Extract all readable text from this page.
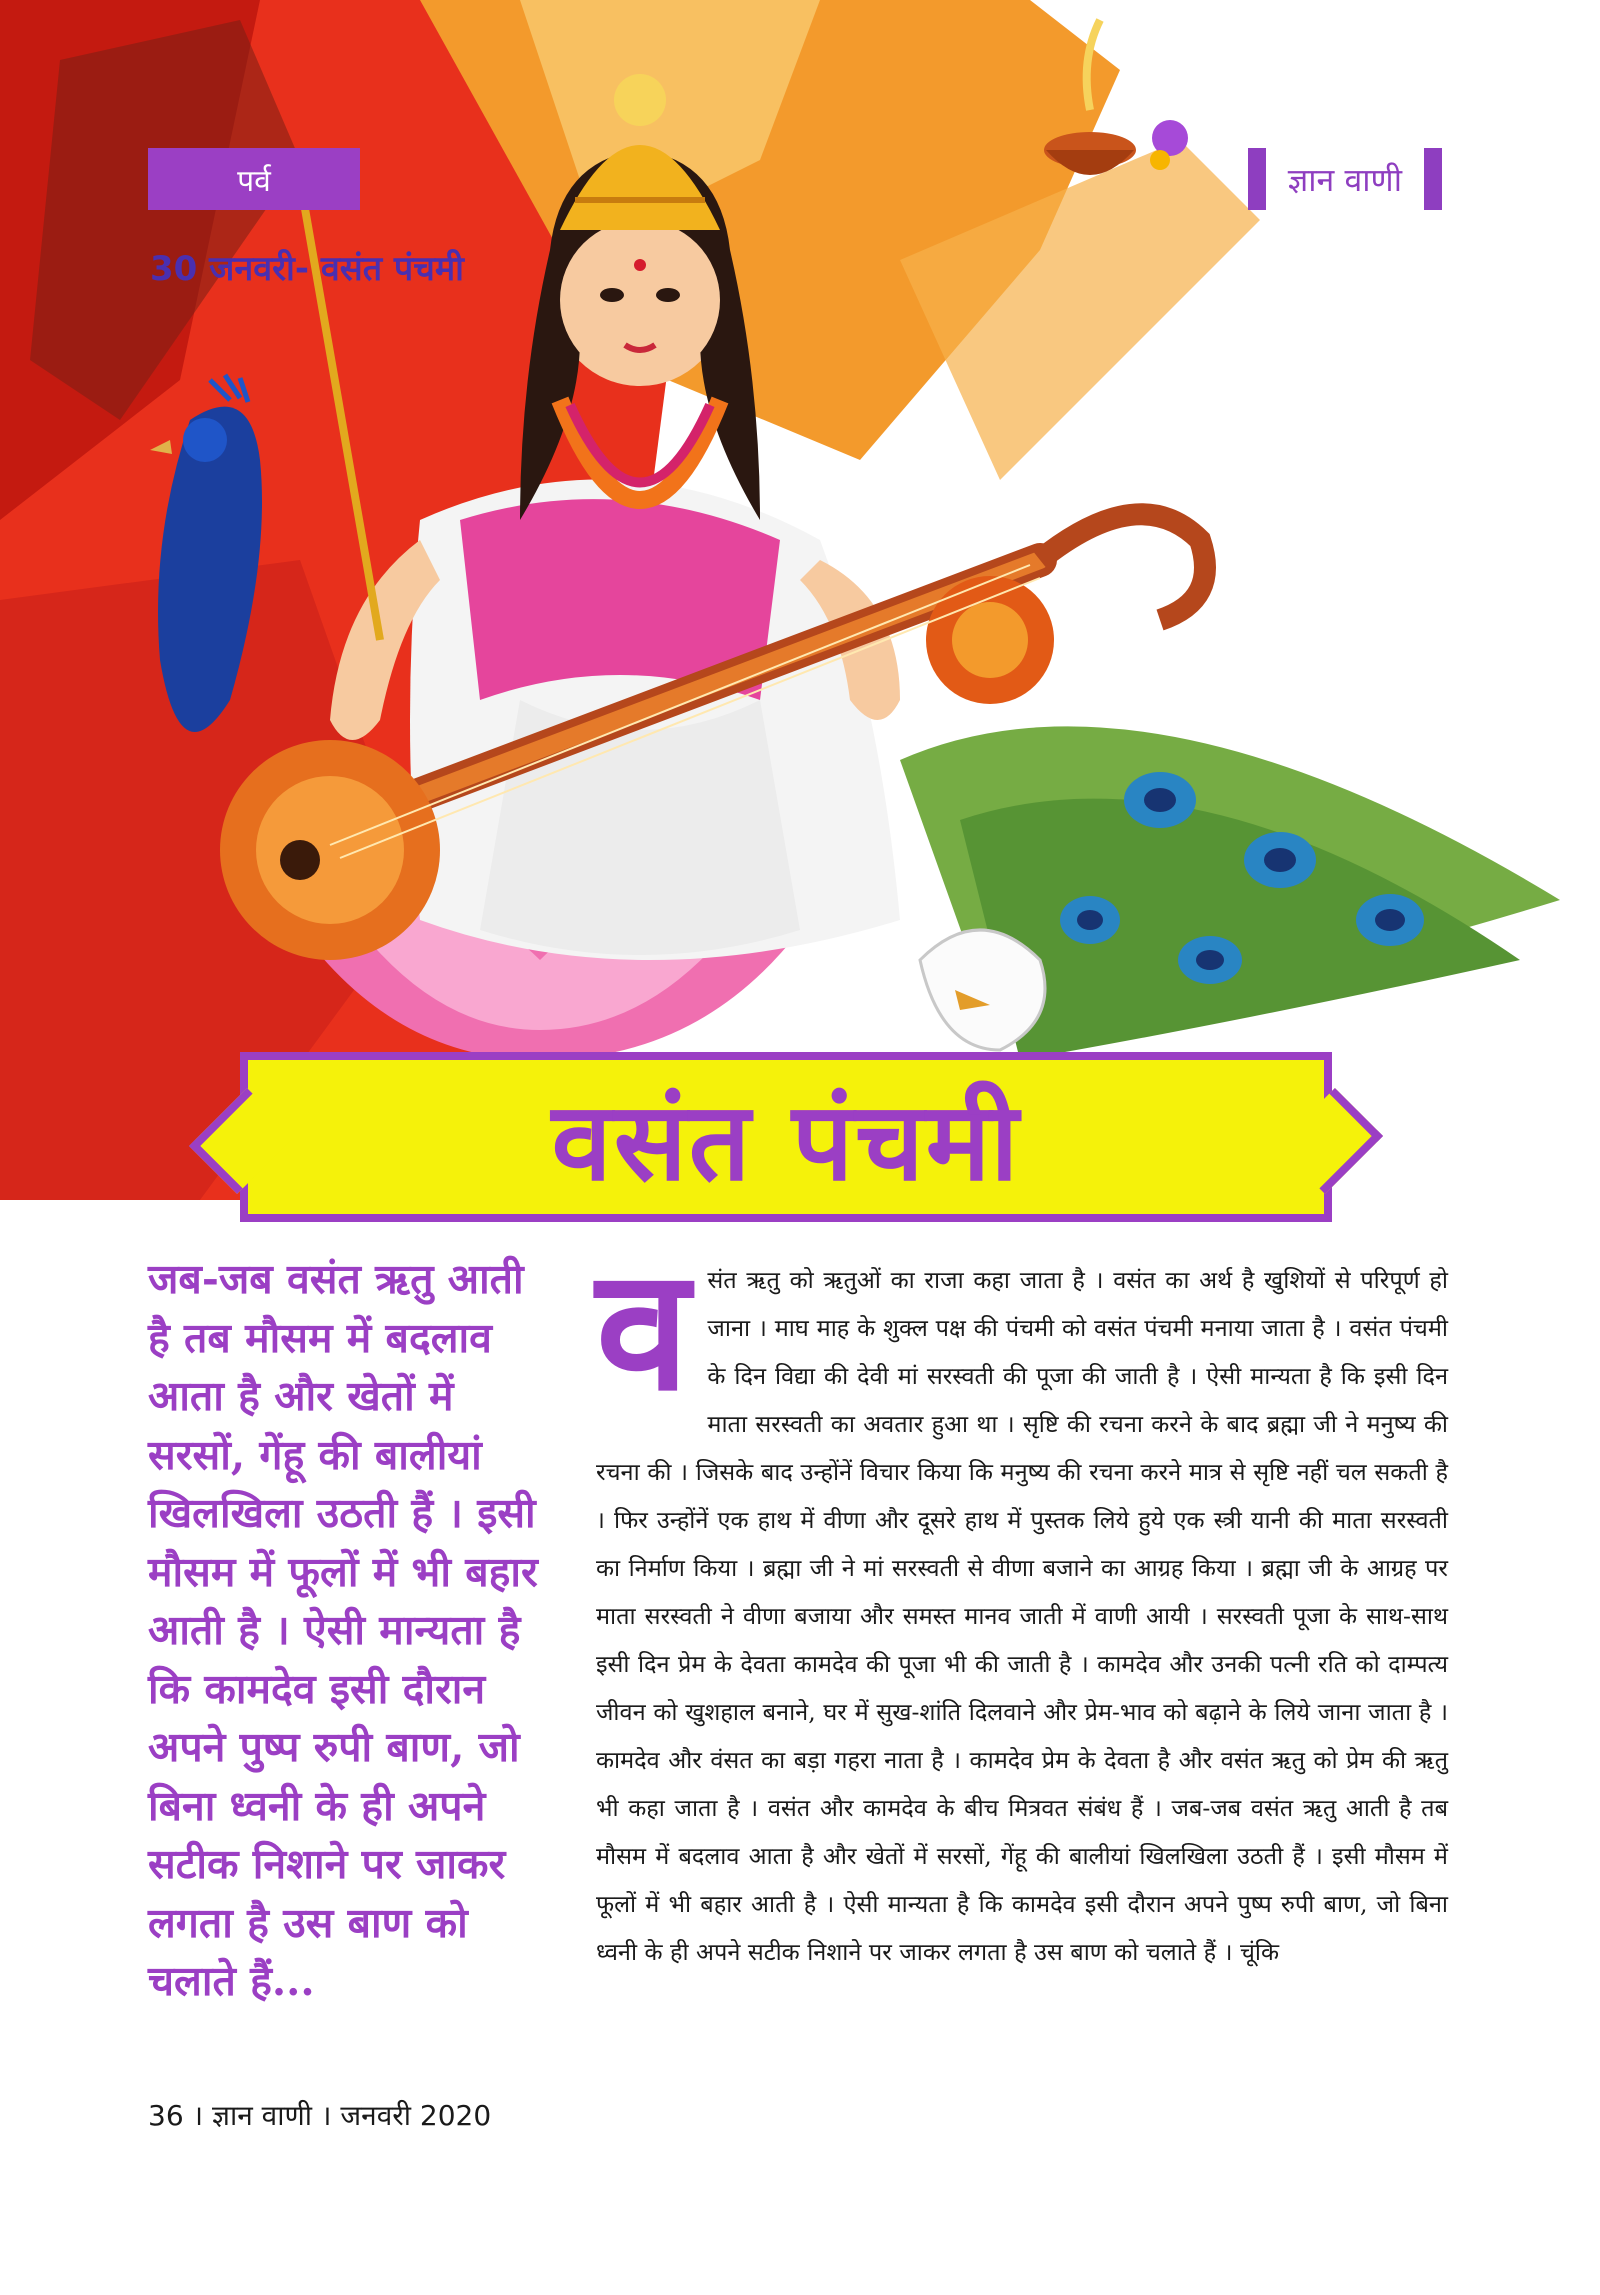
पर्व	ज्ञान वाणी
30 जनवरी- वसंत पंचमी
वसंत पंचमी
जब-जब वसंत ऋतु आती है तब मौसम में बदलाव आता है और खेतों में सरसों, गेंहू की बालीयां खिलखिला उठती हैं । इसी मौसम में फूलों में भी बहार आती है । ऐसी मान्यता है कि कामदेव इसी दौरान अपने पुष्प रुपी बाण, जो बिना ध्वनी के ही अपने सटीक निशाने पर जाकर लगता है उस बाण को चलाते हैं...
व संत ऋतु को ऋतुओं का राजा कहा जाता है । वसंत का अर्थ है खुशियों से परिपूर्ण हो जाना । माघ माह के शुक्ल पक्ष की पंचमी को वसंत पंचमी मनाया जाता है । वसंत पंचमी के दिन विद्या की देवी मां सरस्वती की पूजा की जाती है । ऐसी मान्यता है कि इसी दिन माता सरस्वती का अवतार हुआ था । सृष्टि की रचना करने के बाद ब्रह्मा जी ने मनुष्य की रचना की । जिसके बाद उन्होंनें विचार किया कि मनुष्य की रचना करने मात्र से सृष्टि नहीं चल सकती है । फिर उन्होंनें एक हाथ में वीणा और दूसरे हाथ में पुस्तक लिये हुये एक स्त्री यानी की माता सरस्वती का निर्माण किया । ब्रह्मा जी ने मां सरस्वती से वीणा बजाने का आग्रह किया । ब्रह्मा जी के आग्रह पर माता सरस्वती ने वीणा बजाया और समस्त मानव जाती में वाणी आयी । सरस्वती पूजा के साथ-साथ इसी दिन प्रेम के देवता कामदेव की पूजा भी की जाती है । कामदेव और उनकी पत्नी रति को दाम्पत्य जीवन को खुशहाल बनाने, घर में सुख-शांति दिलवाने और प्रेम-भाव को बढ़ाने के लिये जाना जाता है । कामदेव और वंसत का बड़ा गहरा नाता है । कामदेव प्रेम के देवता है और वसंत ऋतु को प्रेम की ऋतु भी कहा जाता है । वसंत और कामदेव के बीच मित्रवत संबंध हैं । जब-जब वसंत ऋतु आती है तब मौसम में बदलाव आता है और खेतों में सरसों, गेंहू की बालीयां खिलखिला उठती हैं । इसी मौसम में फूलों में भी बहार आती है । ऐसी मान्यता है कि कामदेव इसी दौरान अपने पुष्प रुपी बाण, जो बिना ध्वनी के ही अपने सटीक निशाने पर जाकर लगता है उस बाण को चलाते हैं । चूंकि
36 । ज्ञान वाणी । जनवरी 2020
